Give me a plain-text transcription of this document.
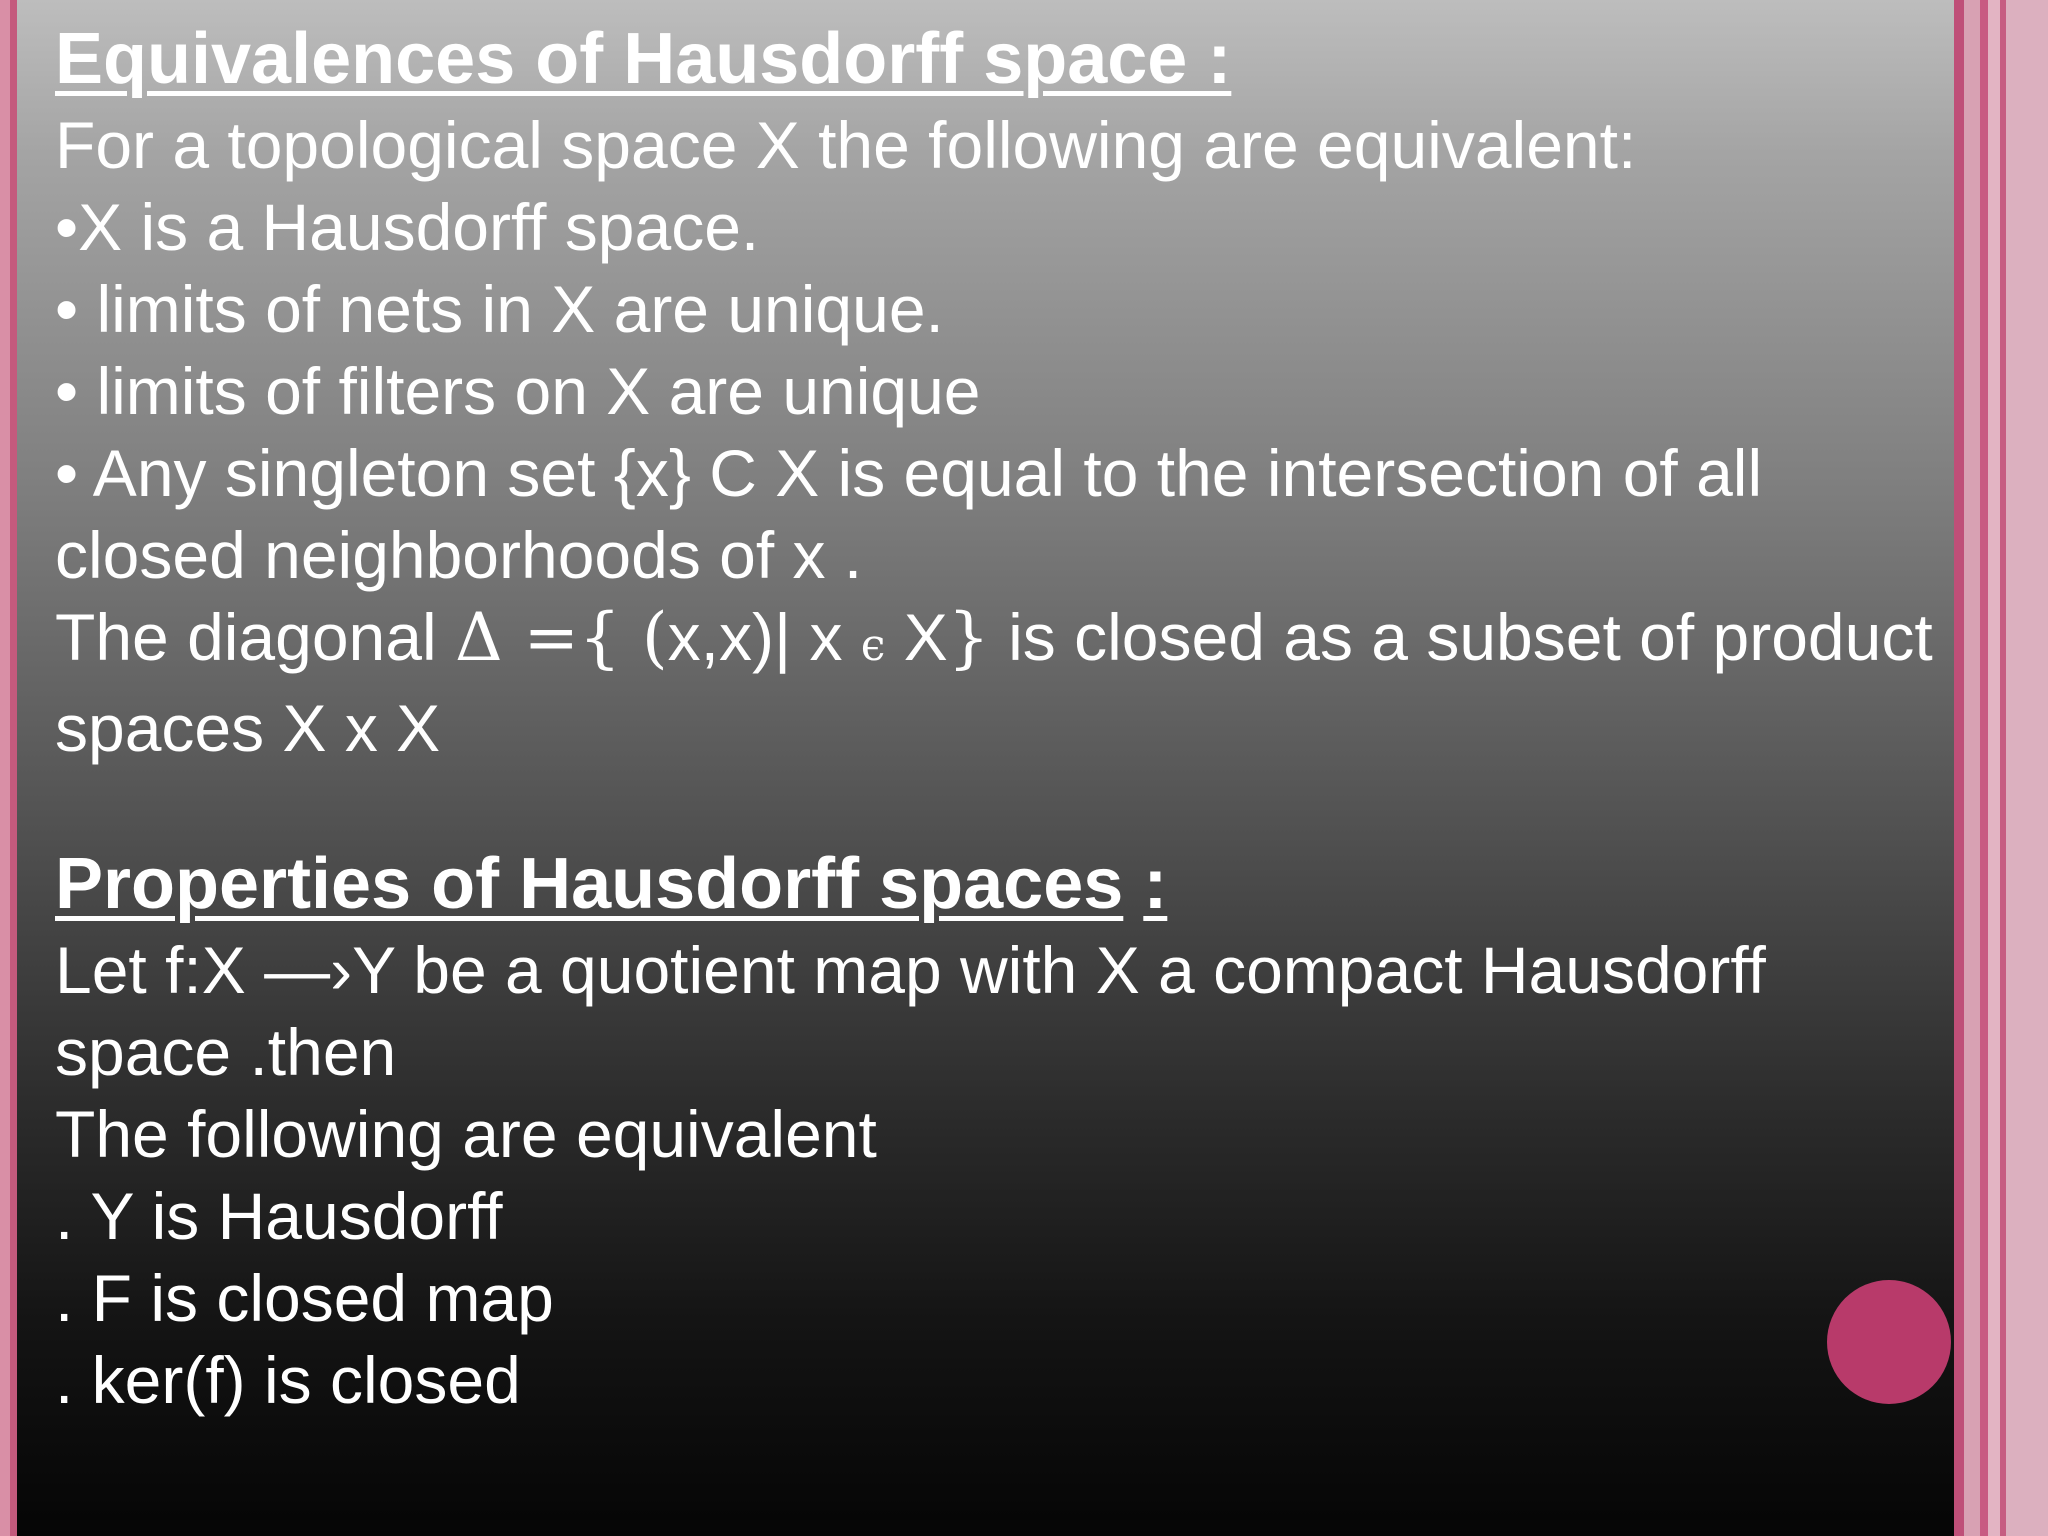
Equivalences of Hausdorff space :

For a topological space X the following are equivalent:

•X is a Hausdorff space.

• limits of nets in X are unique.

• limits of filters on X are unique

• Any singleton set {x} C X is equal to the intersection of all

closed neighborhoods of x .

The diagonal Δ ={ (x,x)| x ϵ X} is closed as a subset of product

spaces X x X

Properties of Hausdorff spaces :

Let f:X —›Y be a quotient map with X a compact Hausdorff

space .then

The following are equivalent

. Y is Hausdorff

. F is closed map

. ker(f) is closed
